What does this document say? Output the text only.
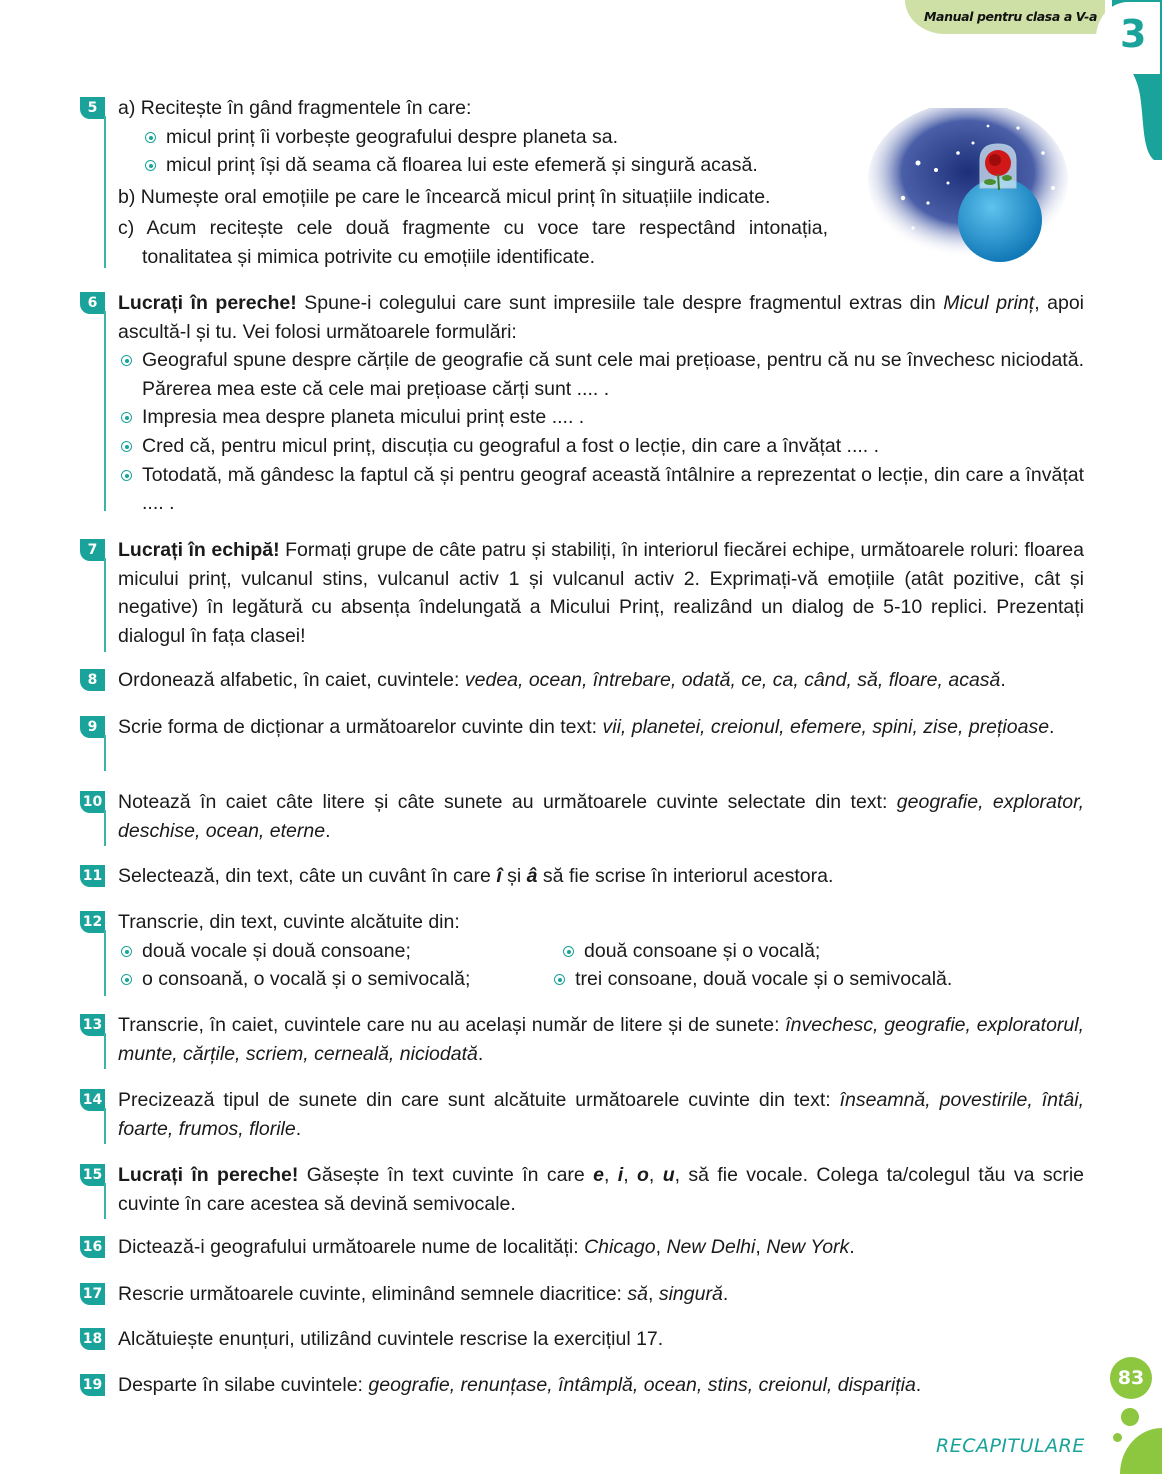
Manual pentru clasa a V-a 3
5	a) Recitește în gând fragmentele în care:

micul prinț îi vorbește geografului despre planeta sa.

micul prinț își dă seama că floarea lui este efemeră și singură acasă.

b) Numește oral emoțiile pe care le încearcă micul prinț în situațiile indicate.

c) Acum recitește cele două fragmente cu voce tare respectând intonația, tonalitatea și mimica potrivite cu emoțiile identificate.

6	Lucrați în pereche! Spune-i colegului care sunt impresiile tale despre fragmentul extras din Micul prinț, apoi ascultă-l și tu. Vei folosi următoarele formulări:

Geograful spune despre cărțile de geografie că sunt cele mai prețioase, pentru că nu se învechesc niciodată. Părerea mea este că cele mai prețioase cărți sunt .... .

Impresia mea despre planeta micului prinț este .... .

Cred că, pentru micul prinț, discuția cu geograful a fost o lecție, din care a învățat .... .

Totodată, mă gândesc la faptul că și pentru geograf această întâlnire a reprezentat o lecție, din care a învățat .... .

7	Lucrați în echipă! Formați grupe de câte patru și stabiliți, în interiorul fiecărei echipe, următoarele roluri: floarea micului prinț, vulcanul stins, vulcanul activ 1 și vulcanul activ 2. Exprimați-vă emoțiile (atât pozitive, cât și negative) în legătură cu absența îndelungată a Micului Prinț, realizând un dialog de 5-10 replici. Prezentați dialogul în fața clasei!

8	Ordonează alfabetic, în caiet, cuvintele: vedea, ocean, întrebare, odată, ce, ca, când, să, floare, acasă.

9	Scrie forma de dicționar a următoarelor cuvinte din text: vii, planetei, creionul, efemere, spini, zise, prețioase.

10 Notează în caiet câte litere și câte sunete au următoarele cuvinte selectate din text: geografie, explorator, deschise, ocean, eterne.

11 Selectează, din text, câte un cuvânt în care î și â să fie scrise în interiorul acestora.

12 Transcrie, din text, cuvinte alcătuite din:

două vocale și două consoane;	două consoane și o vocală;
o consoană, o vocală și o semivocală;	trei consoane, două vocale și o semivocală.
13 Transcrie, în caiet, cuvintele care nu au același număr de litere și de sunete: învechesc, geografie, exploratorul, munte, cărțile, scriem, cerneală, niciodată.

14 Precizează tipul de sunete din care sunt alcătuite următoarele cuvinte din text: înseamnă, povestirile, întâi, foarte, frumos, florile.

15 Lucrați în pereche! Găsește în text cuvinte în care e, i, o, u, să fie vocale. Colega ta/colegul tău va scrie cuvinte în care acestea să devină semivocale.

16 Dictează-i geografului următoarele nume de localități: Chicago, New Delhi, New York.

17 Rescrie următoarele cuvinte, eliminând semnele diacritice: să, singură.

18 Alcătuiește enunțuri, utilizând cuvintele rescrise la exercițiul 17.

19 Desparte în silabe cuvintele: geografie, renunțase, întâmplă, ocean, stins, creionul, dispariția.	83
RECAPITULARE
